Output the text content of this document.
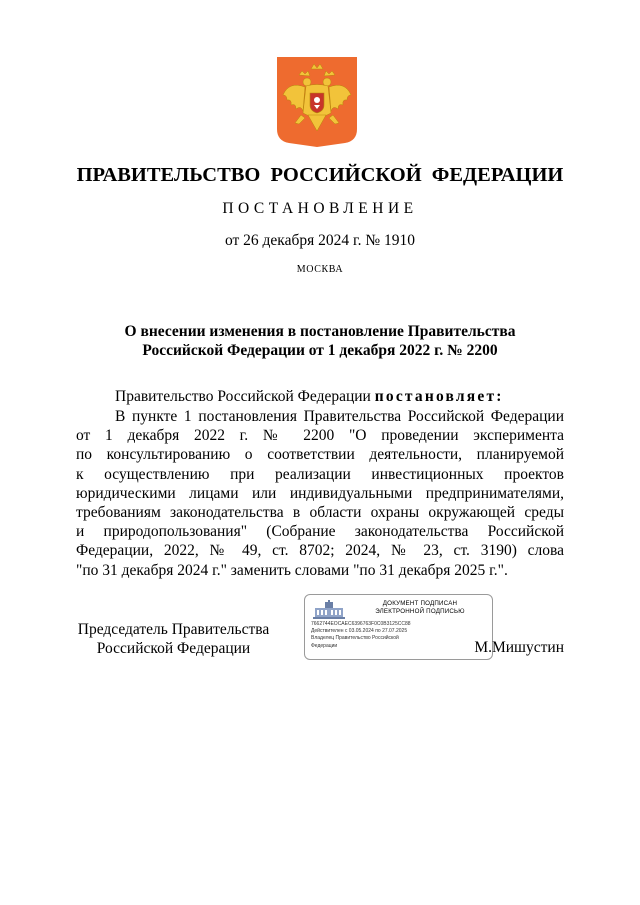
ПРАВИТЕЛЬСТВО РОССИЙСКОЙ ФЕДЕРАЦИИ
ПОСТАНОВЛЕНИЕ
от 26 декабря 2024 г. № 1910
МОСКВА
О внесении изменения в постановление Правительства
Российской Федерации от 1 декабря 2022 г. № 2200
Правительство Российской Федерации постановляет:
В пункте 1 постановления Правительства Российской Федерации
от 1 декабря 2022 г. № 2200 "О проведении эксперимента
по консультированию о соответствии деятельности, планируемой
к осуществлению при реализации инвестиционных проектов
юридическими лицами или индивидуальными предпринимателями,
требованиям законодательства в области охраны окружающей среды
и природопользования" (Собрание законодательства Российской
Федерации, 2022, № 49, ст. 8702; 2024, № 23, ст. 3190) слова
"по 31 декабря 2024 г." заменить словами "по 31 декабря 2025 г.".
Председатель Правительства
Российской Федерации
ДОКУМЕНТ ПОДПИСАН
ЭЛЕКТРОННОЙ ПОДПИСЬЮ
7662744EOCAEC6396763F0C0B3125CC88
Действителен с 03.05.2024 по 27.07.2025
Владелец Правительство Российской
Федерации	М.Мишустин
